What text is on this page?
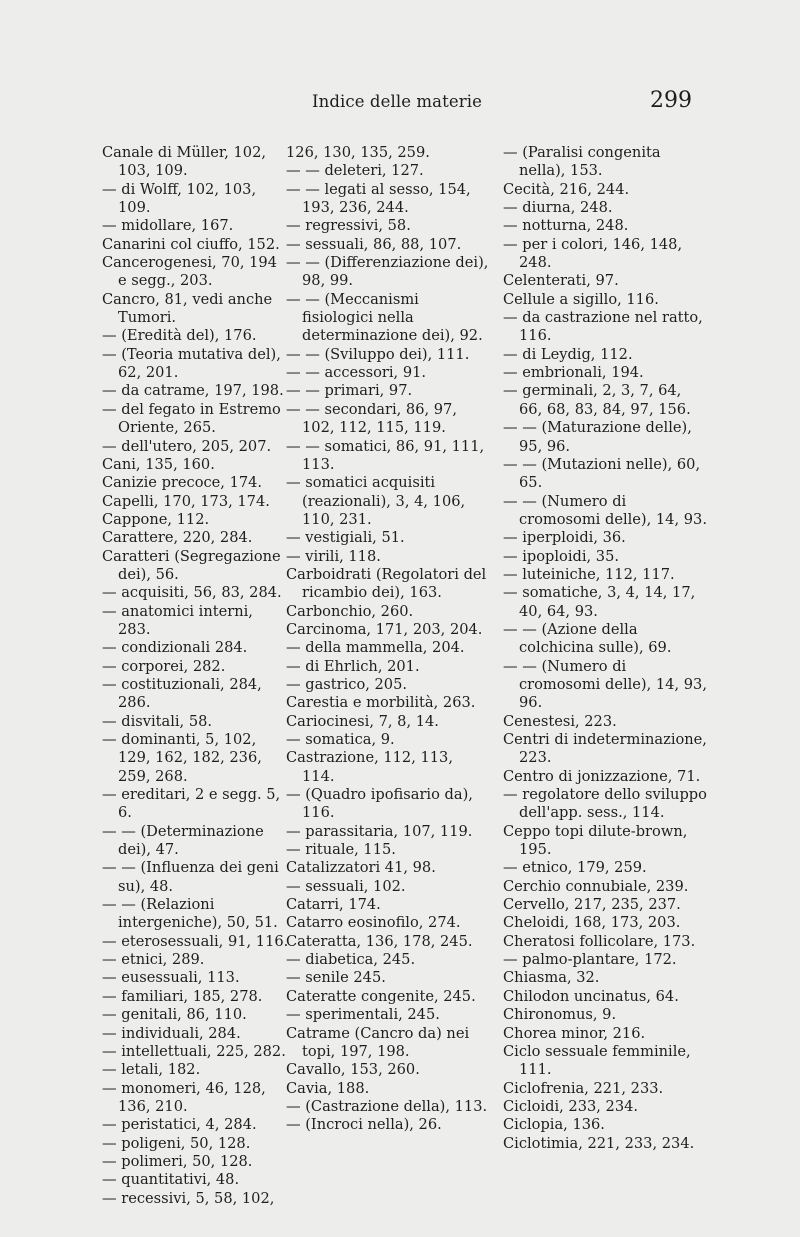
Indice delle materie	299

Canale di Müller, 102, 103, 109.

— di Wolff, 102, 103, 109.

— midollare, 167.

Canarini col ciuffo, 152.

Cancerogenesi, 70, 194 e segg., 203.

Cancro, 81, vedi anche Tumori.

— (Eredità del), 176.

— (Teoria mutativa del), 62, 201.

— da catrame, 197, 198.

— del fegato in Estremo Oriente, 265.

— dell'utero, 205, 207.

Cani, 135, 160.

Canizie precoce, 174.

Capelli, 170, 173, 174.

Cappone, 112.

Carattere, 220, 284.

Caratteri (Segregazione dei), 56.

— acquisiti, 56, 83, 284.

— anatomici interni, 283.

— condizionali 284.

— corporei, 282.

— costituzionali, 284, 286.

— disvitali, 58.

— dominanti, 5, 102, 129, 162, 182, 236, 259, 268.

— ereditari, 2 e segg. 5, 6.

— — (Determinazione dei), 47.

— — (Influenza dei geni su), 48.

— — (Relazioni intergeniche), 50, 51.

— eterosessuali, 91, 116.

— etnici, 289.

— eusessuali, 113.

— familiari, 185, 278.

— genitali, 86, 110.

— individuali, 284.

— intellettuali, 225, 282.

— letali, 182.

— monomeri, 46, 128, 136, 210.

— peristatici, 4, 284.

— poligeni, 50, 128.

— polimeri, 50, 128.

— quantitativi, 48.

— recessivi, 5, 58, 102,

126, 130, 135, 259.

— — deleteri, 127.

— — legati al sesso, 154, 193, 236, 244.

— regressivi, 58.

— sessuali, 86, 88, 107.

— — (Differenziazione dei), 98, 99.

— — (Meccanismi fisiologici nella determinazione dei), 92.

— — (Sviluppo dei), 111.

— — accessori, 91.

— — primari, 97.

— — secondari, 86, 97, 102, 112, 115, 119.

— — somatici, 86, 91, 111, 113.

— somatici acquisiti (reazionali), 3, 4, 106, 110, 231.

— vestigiali, 51.

— virili, 118.

Carboidrati (Regolatori del ricambio dei), 163.

Carbonchio, 260.

Carcinoma, 171, 203, 204.

— della mammella, 204.

— di Ehrlich, 201.

— gastrico, 205.

Carestia e morbilità, 263.

Cariocinesi, 7, 8, 14.

— somatica, 9.

Castrazione, 112, 113, 114.

— (Quadro ipofisario da), 116.

— parassitaria, 107, 119.

— rituale, 115.

Catalizzatori 41, 98.

— sessuali, 102.

Catarri, 174.

Catarro eosinofilo, 274.

Cateratta, 136, 178, 245.

— diabetica, 245.

— senile 245.

Cateratte congenite, 245.

— sperimentali, 245.

Catrame (Cancro da) nei topi, 197, 198.

Cavallo, 153, 260.

Cavia, 188.

— (Castrazione della), 113.

— (Incroci nella), 26.

— (Paralisi congenita nella), 153.

Cecità, 216, 244.

— diurna, 248.

— notturna, 248.

— per i colori, 146, 148, 248.

Celenterati, 97.

Cellule a sigillo, 116.

— da castrazione nel ratto, 116.

— di Leydig, 112.

— embrionali, 194.

— germinali, 2, 3, 7, 64, 66, 68, 83, 84, 97, 156.

— — (Maturazione delle), 95, 96.

— — (Mutazioni nelle), 60, 65.

— — (Numero di cromosomi delle), 14, 93.

— iperploidi, 36.

— ipoploidi, 35.

— luteiniche, 112, 117.

— somatiche, 3, 4, 14, 17, 40, 64, 93.

— — (Azione della colchicina sulle), 69.

— — (Numero di cromosomi delle), 14, 93, 96.

Cenestesi, 223.

Centri di indeterminazione, 223.

Centro di jonizzazione, 71.

— regolatore dello sviluppo dell'app. sess., 114.

Ceppo topi dilute-brown, 195.

— etnico, 179, 259.

Cerchio connubiale, 239.

Cervello, 217, 235, 237.

Cheloidi, 168, 173, 203.

Cheratosi follicolare, 173.

— palmo-plantare, 172.

Chiasma, 32.

Chilodon uncinatus, 64.

Chironomus, 9.

Chorea minor, 216.

Ciclo sessuale femminile, 111.

Ciclofrenia, 221, 233.

Cicloidi, 233, 234.

Ciclopia, 136.

Ciclotimia, 221, 233, 234.
